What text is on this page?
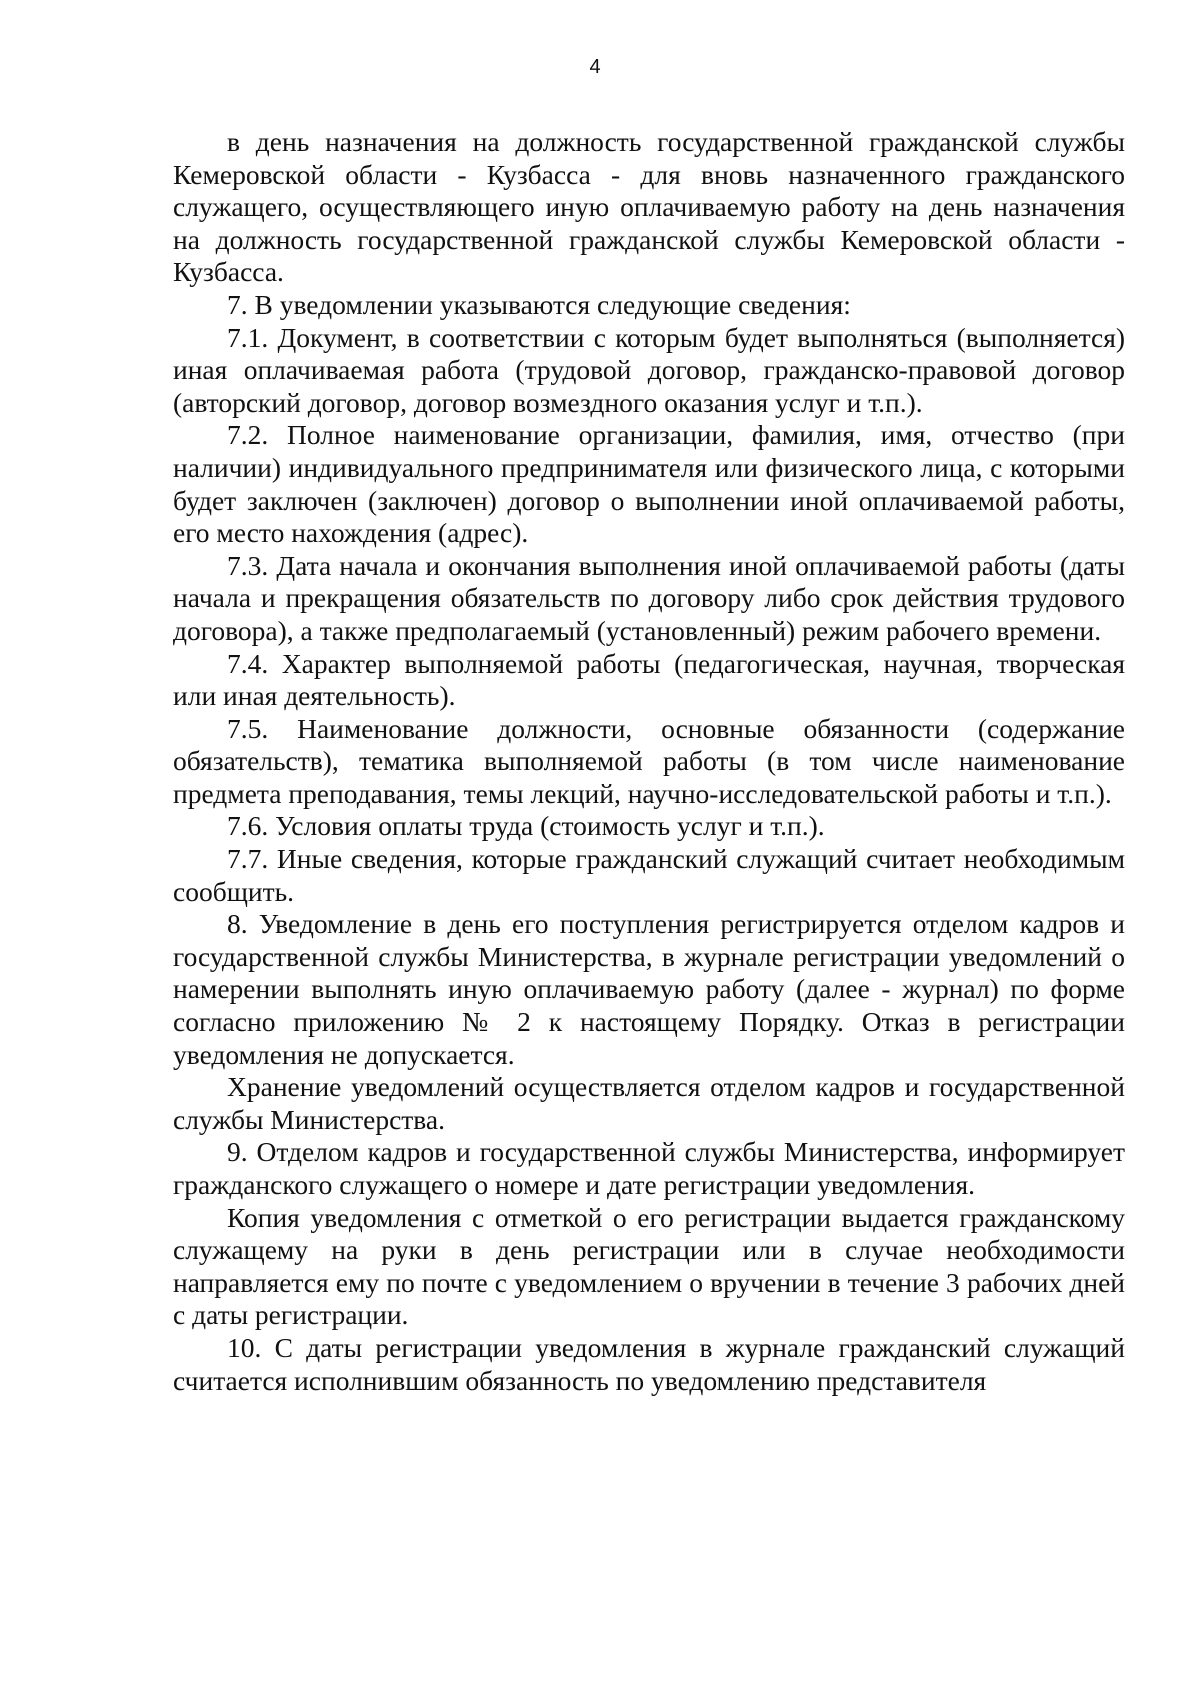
4

в день назначения на должность государственной гражданской службы Кемеровской области - Кузбасса - для вновь назначенного гражданского служащего, осуществляющего иную оплачиваемую работу на день назначения на должность государственной гражданской службы Кемеровской области - Кузбасса.

7. В уведомлении указываются следующие сведения:

7.1. Документ, в соответствии с которым будет выполняться (выполняется) иная оплачиваемая работа (трудовой договор, гражданско-правовой договор (авторский договор, договор возмездного оказания услуг и т.п.).

7.2. Полное наименование организации, фамилия, имя, отчество (при наличии) индивидуального предпринимателя или физического лица, с которыми будет заключен (заключен) договор о выполнении иной оплачиваемой работы, его место нахождения (адрес).

7.3. Дата начала и окончания выполнения иной оплачиваемой работы (даты начала и прекращения обязательств по договору либо срок действия трудового договора), а также предполагаемый (установленный) режим рабочего времени.

7.4. Характер выполняемой работы (педагогическая, научная, творческая или иная деятельность).

7.5. Наименование должности, основные обязанности (содержание обязательств), тематика выполняемой работы (в том числе наименование предмета преподавания, темы лекций, научно-исследовательской работы и т.п.).

7.6. Условия оплаты труда (стоимость услуг и т.п.).

7.7. Иные сведения, которые гражданский служащий считает необходимым сообщить.

8. Уведомление в день его поступления регистрируется отделом кадров и государственной службы Министерства, в журнале регистрации уведомлений о намерении выполнять иную оплачиваемую работу (далее - журнал) по форме согласно приложению № 2 к настоящему Порядку. Отказ в регистрации уведомления не допускается.

Хранение уведомлений осуществляется отделом кадров и государственной службы Министерства.

9. Отделом кадров и государственной службы Министерства, информирует гражданского служащего о номере и дате регистрации уведомления.

Копия уведомления с отметкой о его регистрации выдается гражданскому служащему на руки в день регистрации или в случае необходимости направляется ему по почте с уведомлением о вручении в течение 3 рабочих дней с даты регистрации.

10. С даты регистрации уведомления в журнале гражданский служащий считается исполнившим обязанность по уведомлению представителя
